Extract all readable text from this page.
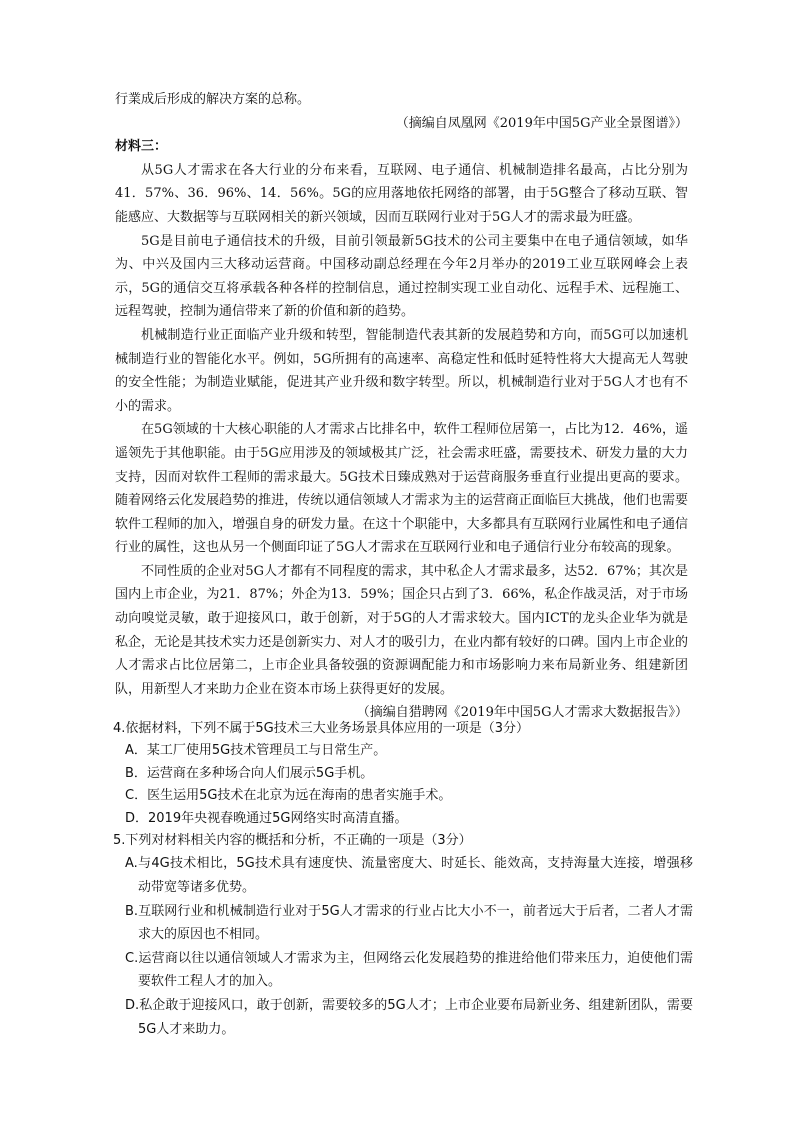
行業成后形成的解决方案的总称。

（摘编自凤凰网《2019年中国5G产业全景图谱》）

材料三：

从5G人才需求在各大行业的分布来看，互联网、电子通信、机械制造排名最高，占比分别为41．57%、36．96%、14．56%。5G的应用落地依托网络的部署，由于5G整合了移动互联、智能感应、大数据等与互联网相关的新兴领域，因而互联网行业对于5G人才的需求最为旺盛。

5G是目前电子通信技术的升级，目前引领最新5G技术的公司主要集中在电子通信领域，如华为、中兴及国内三大移动运营商。中国移动副总经理在今年2月举办的2019工业互联网峰会上表示，5G的通信交互将承载各种各样的控制信息，通过控制实现工业自动化、远程手术、远程施工、远程驾驶，控制为通信带来了新的价值和新的趋势。

机械制造行业正面临产业升级和转型，智能制造代表其新的发展趋势和方向，而5G可以加速机械制造行业的智能化水平。例如，5G所拥有的高速率、高稳定性和低时延特性将大大提高无人驾驶的安全性能；为制造业赋能，促进其产业升级和数字转型。所以，机械制造行业对于5G人才也有不小的需求。

在5G领域的十大核心职能的人才需求占比排名中，软件工程师位居第一，占比为12．46%，遥遥领先于其他职能。由于5G应用涉及的领域极其广泛，社会需求旺盛，需要技术、研发力量的大力支持，因而对软件工程师的需求最大。5G技术日臻成熟对于运营商服务垂直行业提出更高的要求。随着网络云化发展趋势的推进，传统以通信领域人才需求为主的运营商正面临巨大挑战，他们也需要软件工程师的加入，增强自身的研发力量。在这十个职能中，大多都具有互联网行业属性和电子通信行业的属性，这也从另一个侧面印证了5G人才需求在互联网行业和电子通信行业分布较高的现象。

不同性质的企业对5G人才都有不同程度的需求，其中私企人才需求最多，达52．67%；其次是国内上市企业，为21．87%；外企为13．59%；国企只占到了3．66%，私企作战灵活，对于市场动向嗅觉灵敏，敢于迎接风口，敢于创新，对于5G的人才需求较大。国内ICT的龙头企业华为就是私企，无论是其技术实力还是创新实力、对人才的吸引力，在业内都有较好的口碑。国内上市企业的人才需求占比位居第二，上市企业具备较强的资源调配能力和市场影响力来布局新业务、组建新团队，用新型人才来助力企业在资本市场上获得更好的发展。

（摘编自猎聘网《2019年中国5G人才需求大数据报告》）

4.依据材料，下列不属于5G技术三大业务场景具体应用的一项是（3分）

A．某工厂使用5G技术管理员工与日常生产。

B．运营商在多种场合向人们展示5G手机。

C．医生运用5G技术在北京为远在海南的患者实施手术。

D．2019年央视春晚通过5G网络实时高清直播。

5.下列对材料相关内容的概括和分析，不正确的一项是（3分）

A.与4G技术相比，5G技术具有速度快、流量密度大、时延长、能效高，支持海量大连接，增强移动带宽等诸多优势。

B.互联网行业和机械制造行业对于5G人才需求的行业占比大小不一，前者远大于后者，二者人才需求大的原因也不相同。

C.运营商以往以通信领域人才需求为主，但网络云化发展趋势的推进给他们带来压力，迫使他们需要软件工程人才的加入。

D.私企敢于迎接风口，敢于创新，需要较多的5G人才；上市企业要布局新业务、组建新团队，需要5G人才来助力。
